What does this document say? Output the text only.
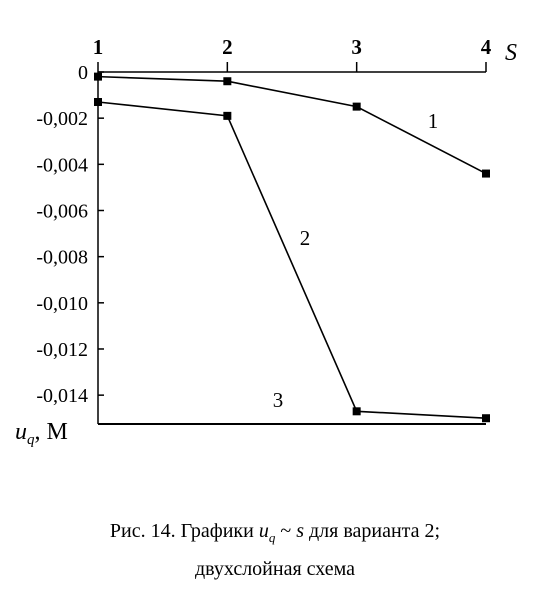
0
-0,002
-0,004
-0,006
-0,008
-0,010
-0,012
-0,014
1	2	3	4
1
2
3
S
$u_q$, М
Рис. 14. Графики $u_q$ ~ s для варианта 2;
двухслойная схема
